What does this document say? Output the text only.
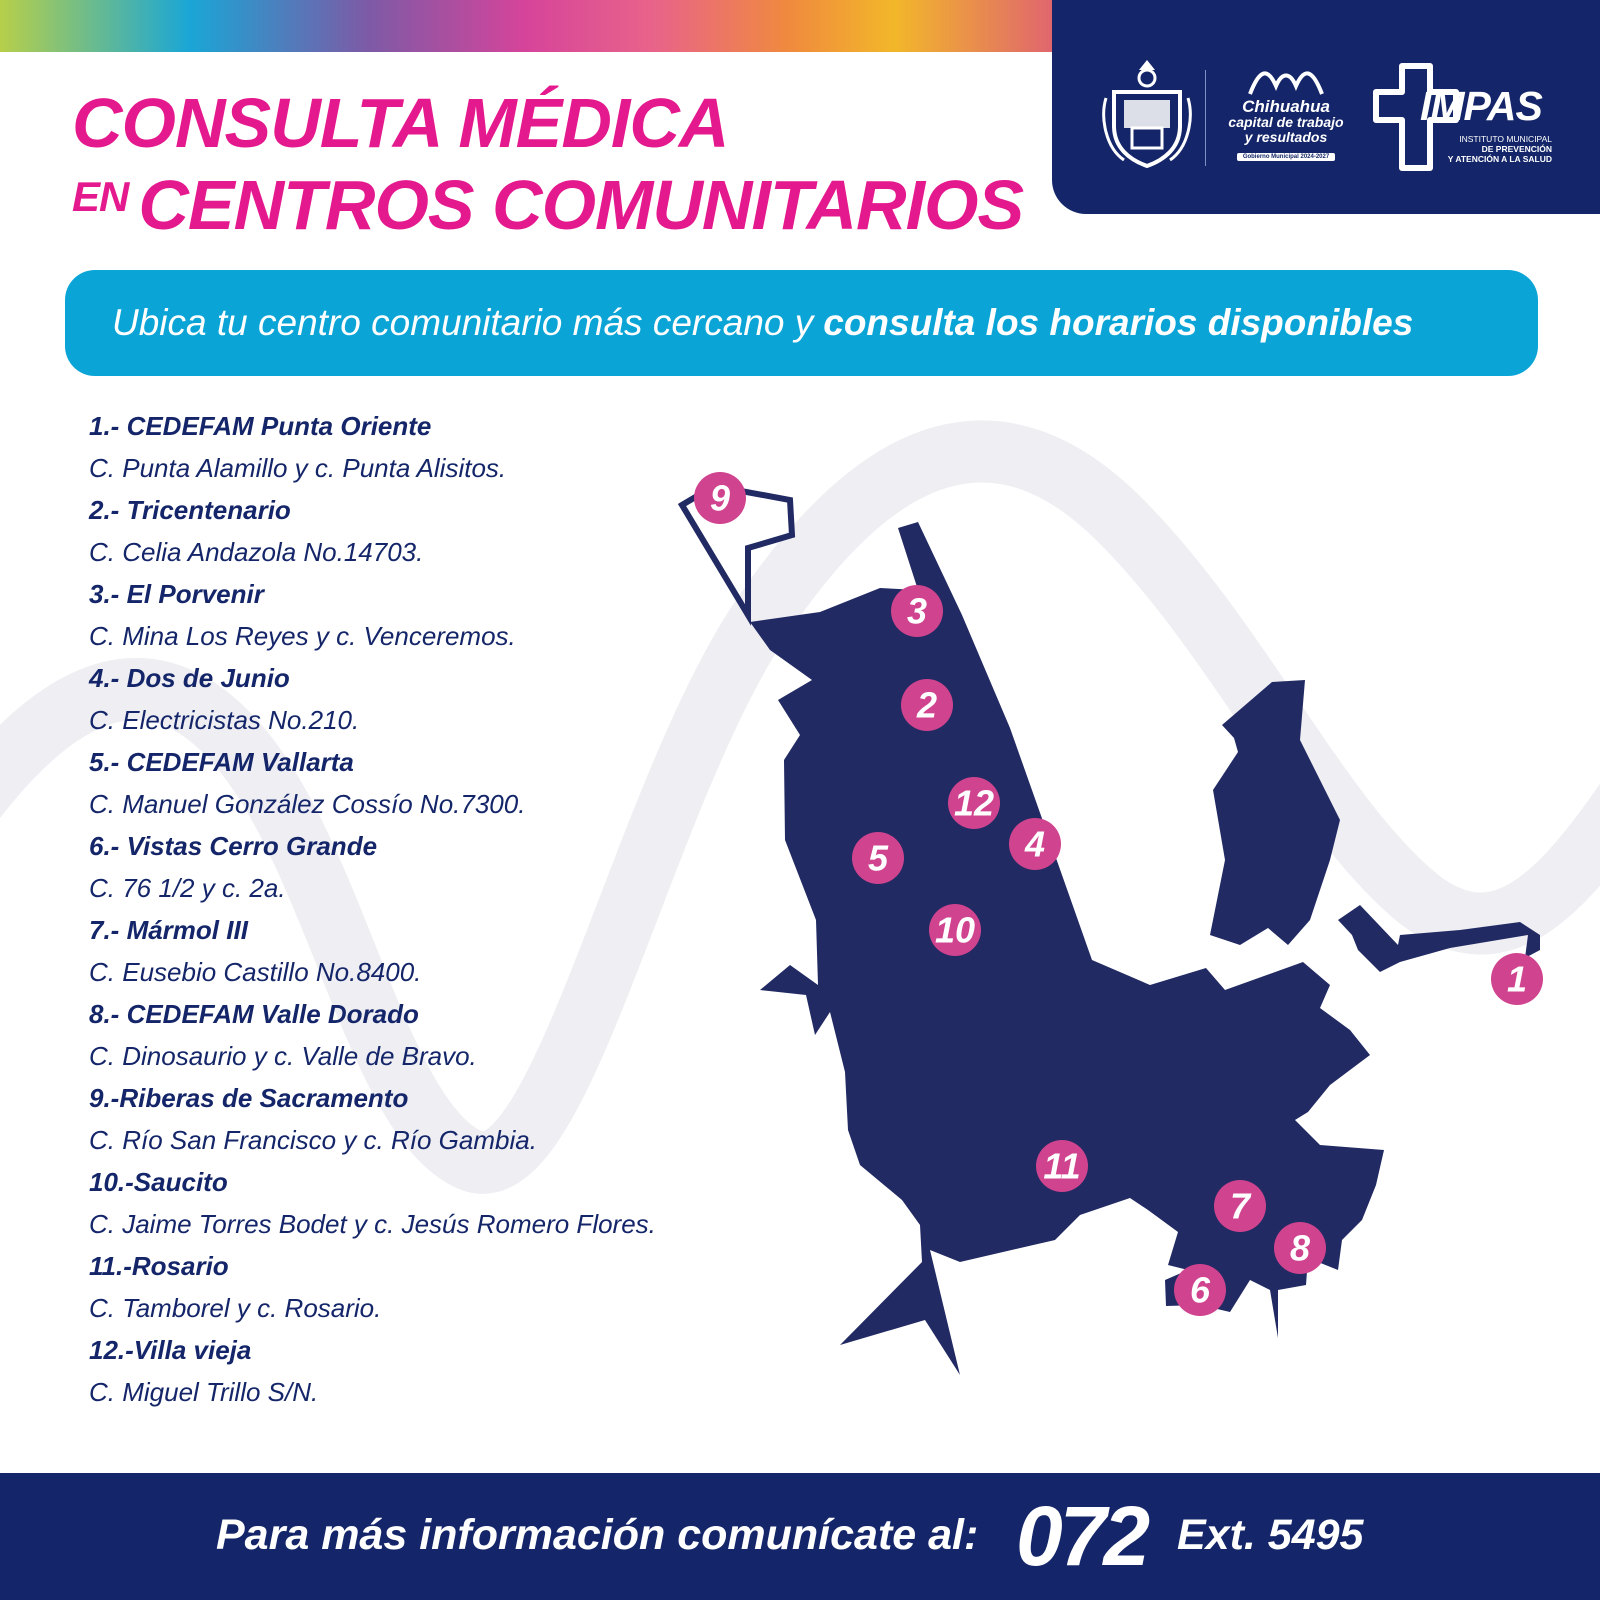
Chihuahua
capital de trabajo
y resultados
Gobierno Municipal 2024-2027
IMPAS
INSTITUTO MUNICIPAL
DE PREVENCIÓN
Y ATENCIÓN A LA SALUD
CONSULTA MÉDICA
$^{EN}$ CENTROS COMUNITARIOS
Ubica tu centro comunitario más cercano y consulta los horarios disponibles
1.- CEDEFAM Punta Oriente
C. Punta Alamillo y c. Punta Alisitos.
2.- Tricentenario
C. Celia Andazola No.14703.
3.- El Porvenir
C. Mina Los Reyes y c. Venceremos.
4.- Dos de Junio
C. Electricistas No.210.
5.- CEDEFAM Vallarta
C. Manuel González Cossío No.7300.
6.- Vistas Cerro Grande
C. 76 1/2 y c. 2a.
7.- Mármol III
C. Eusebio Castillo No.8400.
8.- CEDEFAM Valle Dorado
C. Dinosaurio y c. Valle de Bravo.
9.-Riberas de Sacramento
C. Río San Francisco y c. Río Gambia.
10.-Saucito
C. Jaime Torres Bodet y c. Jesús Romero Flores.
11.-Rosario
C. Tamborel y c. Rosario.
12.-Villa vieja
C. Miguel Trillo S/N.
1
2
3
4
5
6
7
8
9
10
11
12
Para más información comunícate al: 072 Ext. 5495
